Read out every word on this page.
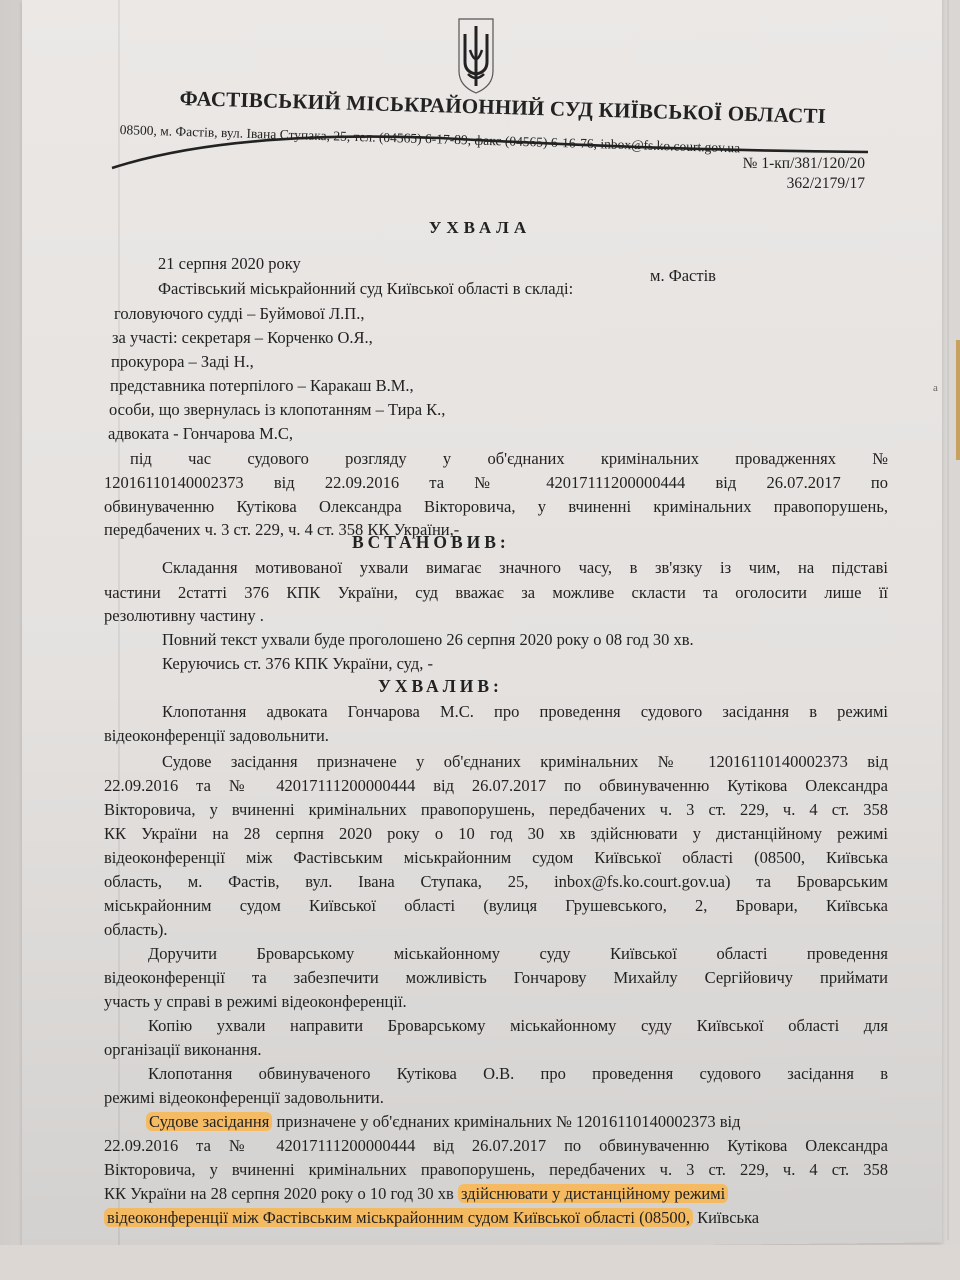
а
ФАСТІВСЬКИЙ МІСЬКРАЙОННИЙ СУД КИЇВСЬКОЇ ОБЛАСТІ
08500, м. Фастів, вул. Івана Ступака, 25, тел. (04565) 6-17-89, факс (04565) 6-16-76, inbox@fs.ko.court.gov.ua
№ 1-кп/381/120/20
362/2179/17
УХВАЛА
21 серпня 2020 року
м. Фастів
Фастівський міськрайонний суд Київської області в складі:
головуючого судді – Буймової Л.П.,
за участі: секретаря – Корченко О.Я.,
прокурора – Заді Н.,
представника потерпілого – Каракаш В.М.,
особи, що звернулась із клопотанням – Тира К.,
адвоката - Гончарова М.С,
під час судового розгляду у об'єднаних кримінальних провадженнях №
12016110140002373 від 22.09.2016 та № 42017111200000444 від 26.07.2017 по
обвинуваченню Кутікова Олександра Вікторовича, у вчиненні кримінальних правопорушень,
передбачених ч. 3 ст. 229, ч. 4 ст. 358 КК України,-
ВСТАНОВИВ:
Складання мотивованої ухвали вимагає значного часу, в зв'язку із чим, на підставі
частини 2статті 376 КПК України, суд вважає за можливе скласти та оголосити лише її
резолютивну частину .
Повний текст ухвали буде проголошено 26 серпня 2020 року о 08 год 30 хв.
Керуючись ст. 376 КПК України, суд, -
УХВАЛИВ:
Клопотання адвоката Гончарова М.С. про проведення судового засідання в режимі
відеоконференції задовольнити.
Судове засідання призначене у об'єднаних кримінальних № 12016110140002373 від
22.09.2016 та № 42017111200000444 від 26.07.2017 по обвинуваченню Кутікова Олександра
Вікторовича, у вчиненні кримінальних правопорушень, передбачених ч. 3 ст. 229, ч. 4 ст. 358
КК України на 28 серпня 2020 року о 10 год 30 хв здійснювати у дистанційному режимі
відеоконференції між Фастівським міськрайонним судом Київської області (08500, Київська
область, м. Фастів, вул. Івана Ступака, 25, inbox@fs.ko.court.gov.ua) та Броварським
міськрайонним судом Київської області (вулиця Грушевського, 2, Бровари, Київська
область).
Доручити Броварському міськайонному суду Київської області проведення
відеоконференції та забезпечити можливість Гончарову Михайлу Сергійовичу приймати
участь у справі в режимі відеоконференції.
Копію ухвали направити Броварському міськайонному суду Київської області для
організації виконання.
Клопотання обвинуваченого Кутікова О.В. про проведення судового засідання в
режимі відеоконференції задовольнити.
Судове засідання призначене у об'єднаних кримінальних № 12016110140002373 від
22.09.2016 та № 42017111200000444 від 26.07.2017 по обвинуваченню Кутікова Олександра
Вікторовича, у вчиненні кримінальних правопорушень, передбачених ч. 3 ст. 229, ч. 4 ст. 358
КК України на 28 серпня 2020 року о 10 год 30 хв здійснювати у дистанційному режимі
відеоконференції між Фастівським міськрайонним судом Київської області (08500, Київська
